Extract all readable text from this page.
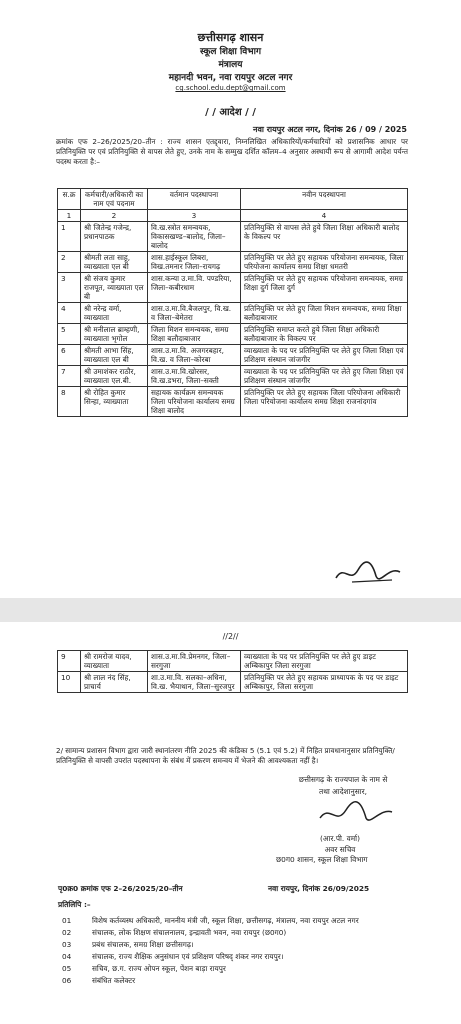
छत्तीसगढ़ शासन
स्कूल शिक्षा विभाग
मंत्रालय
महानदी भवन, नवा रायपुर अटल नगर
cg.school.edu.dept@gmail.com
/ / आदेश / /
नवा रायपुर अटल नगर, दिनांक 26 / 09 / 2025
क्रमांक एफ 2–26/2025/20–तीन : राज्य शासन एतद्द्वारा, निम्नलिखित अधिकारियों/कर्मचारियों को प्रशासनिक आधार पर प्रतिनियुक्ति पर एवं प्रतिनियुक्ति से वापस लेते हुए, उनके नाम के सम्मुख दर्शित कॉलम–4 अनुसार अस्थायी रूप से आगामी आदेश पर्यन्त पदस्थ करता है:–
स.क्र	कर्मचारी/अधिकारी का नाम एवं पदनाम	वर्तमान पदस्थापना	नवीन पदस्थापना
1	2	3	4
1	श्री जितेन्द्र गजेन्द्र, प्रधानपाठक	वि.ख.स्त्रोत समन्वयक, विकासखण्ड–बालोद, जिला–बालोद	प्रतिनियुक्ति से वापस लेते हुये जिला शिक्षा अधिकारी बालोद के विकल्प पर
2	श्रीमती लता साहू, व्याख्याता एल बी	शास.हाईस्कूल लिबरा, विख.तमनार जिला–रायगढ़	प्रतिनियुक्ति पर लेते हुए सहायक परियोजना समन्वयक, जिला परियोजना कार्यालय समग्र शिक्षा धमतरी
3	श्री संजय कुमार राजपूत, व्याख्याता एल बी	शास.कन्या उ.मा.वि. पण्डरिया, जिला–कबीरधाम	प्रतिनियुक्ति पर लेते हुए सहायक परियोजना समन्वयक, समग्र शिक्षा दुर्ग जिला दुर्ग
4	श्री नरेन्द्र वर्मा, व्याख्याता	शास.उ.मा.वि.बैजलपुर, वि.ख. व जिला–बेमेतरा	प्रतिनियुक्ति पर लेते हुए जिला मिशन समन्वयक, समग्र शिक्षा बलौदाबाजार
5	श्री मनीलाल ब्राम्हणी, व्याख्याता भृगोल	जिला मिशन समन्वयक, समग्र शिक्षा बलौदाबाजार	प्रतिनियुक्ति समाप्त करते हुये जिला शिक्षा अधिकारी बलौदाबाजार के विकल्प पर
6	श्रीमती आभा सिंह, व्याख्याता एल बी	शास.उ.मा.वि. अजगरबहार, वि.ख. व जिला–कोरबा	व्याख्याता के पद पर प्रतिनियुक्ति पर लेते हुए जिला शिक्षा एवं प्रशिक्षण संस्थान जांजगीर
7	श्री उमाशंकर राठौर, व्याख्याता एल.बी.	शास.उ.मा.वि.खोरसर, वि.ख.डभरा, जिला–सक्ती	व्याख्याता के पद पर प्रतिनियुक्ति पर लेते हुए जिला शिक्षा एवं प्रशिक्षण संस्थान जांजगीर
8	श्री रोहित कुमार सिन्हा, व्याख्याता	सहायक कार्यक्रम समन्वयक जिला परियोजना कार्यालय समग्र शिक्षा बालोद	प्रतिनियुक्ति पर लेते हुए सहायक जिला परियोजना अधिकारी जिला परियोजना कार्यालय समग्र शिक्षा राजनांदगांव
//2//
9	श्री रामरोज यादव, व्याख्याता	शास.उ.मा.वि.प्रेमनगर, जिला–सरगुजा	व्याख्याता के पद पर प्रतिनियुक्ति पर लेते हुए डाइट अम्बिकापुर जिला सरगुजा
10	श्री लाल नंद सिंह, प्राचार्य	शा.उ.मा.वि. सलका–अधिना, वि.ख. भैयाथान, जिला–सुरजपुर	प्रतिनियुक्ति पर लेते हुए सहायक प्राध्यापक के पद पर डाइट अम्बिकापुर, जिला सरगुजा
2/ सामान्य प्रशासन विभाग द्वारा जारी स्थानांतरण नीति 2025 की कंडिका 5 (5.1 एवं 5.2) में निहित प्रावधानानुसार प्रतिनियुक्ति/प्रतिनियुक्ति से वापसी उपरांत पदस्थापना के संबंध में प्रकरण समन्वय में भेजने की आवश्यकता नहीं है।
छत्तीसगढ़ के राज्यपाल के नाम से
तथा आदेशानुसार,
(आर.पी. वर्मा)
अवर सचिव
छ0ग0 शासन, स्कूल शिक्षा विभाग
पृ0क्र0 क्रमांक एफ 2–26/2025/20–तीन	नवा रायपुर, दिनांक 26/09/2025
प्रतिलिपि :–
01	विशेष कर्तव्यस्थ अधिकारी, माननीय मंत्री जी, स्कूल शिक्षा, छत्तीसगढ़, मंत्रालय, नवा रायपुर अटल नगर
02	संचालक, लोक शिक्षण संचालनालय, इन्द्रावती भवन, नवा रायपुर (छ0ग0)
03	प्रबंध संचालक, समग्र शिक्षा छत्तीसगढ़।
04	संचालक, राज्य शैक्षिक अनुसंधान एवं प्रशिक्षण परिषद् शंकर नगर रायपुर।
05	सचिव, छ.ग. राज्य ओपन स्कूल, पेंशन बाड़ा रायपुर
06	संबंधित कलेक्टर
